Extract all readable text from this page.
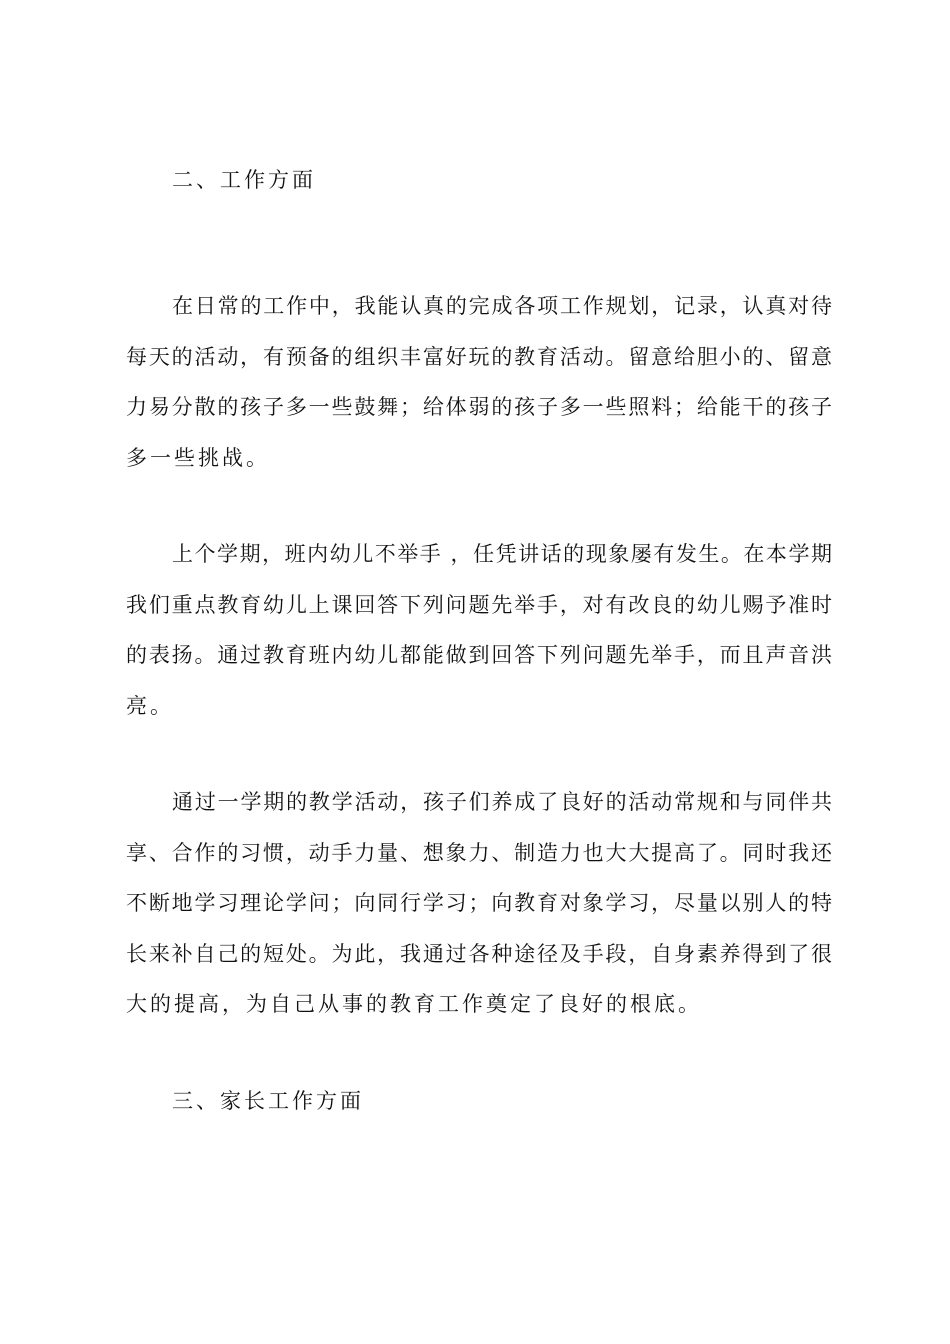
二、工作方面
在日常的工作中，我能认真的完成各项工作规划，记录，认真对待
每天的活动，有预备的组织丰富好玩的教育活动。留意给胆小的、留意
力易分散的孩子多一些鼓舞；给体弱的孩子多一些照料；给能干的孩子
多一些挑战。
上个学期，班内幼儿不举手 ，任凭讲话的现象屡有发生。在本学期
我们重点教育幼儿上课回答下列问题先举手，对有改良的幼儿赐予准时
的表扬。通过教育班内幼儿都能做到回答下列问题先举手，而且声音洪
亮。
通过一学期的教学活动，孩子们养成了良好的活动常规和与同伴共
享、合作的习惯，动手力量、想象力、制造力也大大提高了。同时我还
不断地学习理论学问；向同行学习；向教育对象学习，尽量以别人的特
长来补自己的短处。为此，我通过各种途径及手段，自身素养得到了很
大的提高，为自己从事的教育工作奠定了良好的根底。
三、家长工作方面
